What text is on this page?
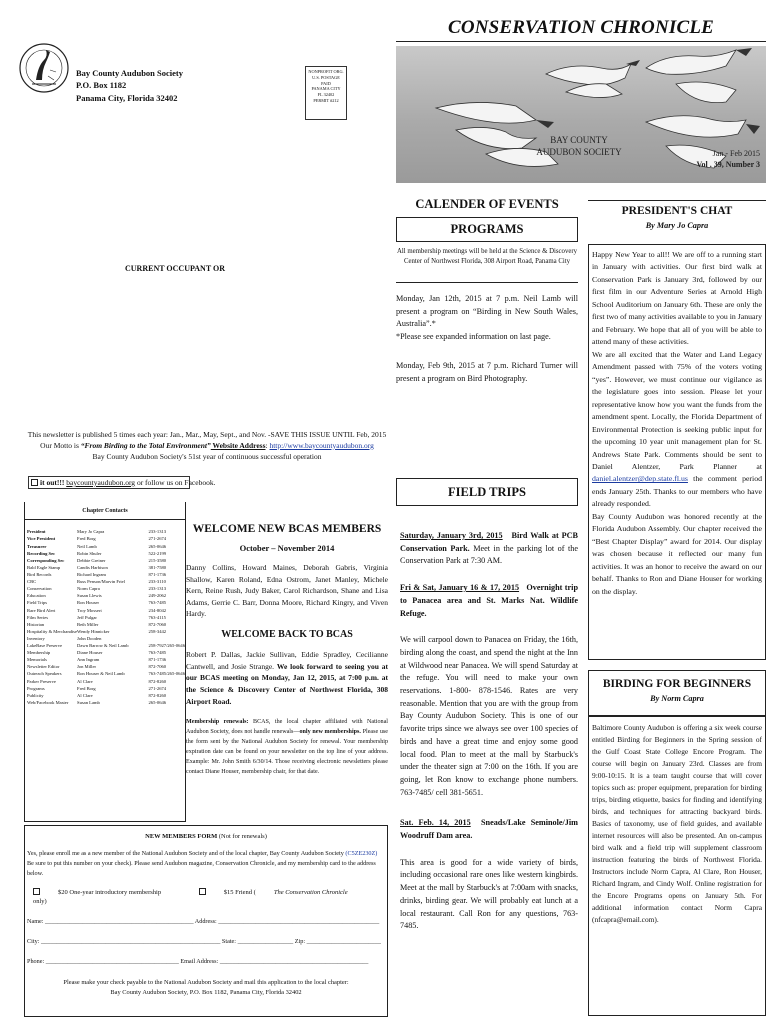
CONSERVATION CHRONICLE
BAY COUNTY
AUDUBON SOCIETY	Jan - Feb 2015
Vol . 39, Number 3
Bay County Audubon Society
P.O. Box 1182
Panama City, Florida 32402
NONPROFIT ORG.
U.S. POSTAGE
PAID
PANAMA CITY
FL 32402
PERMIT #212
CURRENT OCCUPANT OR
This newsletter is published 5 times each year: Jan., Mar., May, Sept., and Nov. -SAVE THIS ISSUE UNTIL Feb, 2015
Our Motto is “From Birding to the Total Environment” Website Address: http://www.baycountyaudubon.org
Bay County Audubon Society's 51st year of continuous successful operation
it out!!! baycountyaudubon.org or follow us on Facebook.
Chapter Contacts
President	Mary Jo Capra	233-1313
Vice President	Fred Borg	271-2674
Treasurer	Neil Lamb	265-0646
Recording Sec	Robin Shuler	522-2199
Corresponding Sec	Debbie Greiner	215-3580
Bald Eagle Stamp	Candis Harbison	381-7580
Bird Records	Richard Ingram	871-1736
CBC	Russ Penson/Marvin Friel	233-3110
Conservation	Norm Capra	233-1313
Education	Susan Llewis	249-2062
Field Trips	Ron Houser	763-7485
Rare Bird Alert	Troy Mossert	234-8042
Film Series	Jeff Pulgar	763-4115
Historian	Beth Miller	872-7060
Hospitality & Merchandise	Wendy Hinnicker	258-3442
Inventory	John Dooden	
LakeBase Preserve	Dawn Barrow & Neil Lamb	258-7927/265-0646
Membership	Diane Houser	763-7485
Memorials	Ann Ingram	871-1736
Newsletter Editor	Jon Miller	872-7060
Outreach Speakers	Ron Houser & Neil Lamb	763-7485/265-0646
Parker Preserve	Al Clare	872-8260
Programs	Fred Borg	271-2674
Publicity	Al Clare	872-8260
Web/Facebook Master	Susan Lamb	265-0646
WELCOME NEW BCAS MEMBERS
October – November 2014

Danny Collins, Howard Maines, Deborah Gabris, Virginia Shallow, Karen Roland, Edna Ostrom, Janet Manley, Michele Kern, Reine Rush, Judy Baker, Carol Richardson, Shane and Lisa Adams, Gerrie C. Barr, Donna Moore, Richard Kingry, and Viven Hardy.

WELCOME BACK TO BCAS

Robert P. Dallas, Jackie Sullivan, Eddie Spradley, Cecilianne Cantwell, and Josie Strange. We look forward to seeing you at our BCAS meeting on Monday, Jan 12, 2015, at 7:00 p.m. at the Science & Discovery Center of Northwest Florida, 308 Airport Road.

Membership renewals: BCAS, the local chapter affiliated with National Audubon Society, does not handle renewals—only new memberships. Please use the form sent by the National Audubon Society for renewal. Your membership expiration date can be found on your newsletter on the top line of your address. Example: Mr. John Smith 6/30/14. Those receiving electronic newsletters please contact Diane Houser, membership chair, for that date.

NEW MEMBERS FORM (Not for renewals)
Yes, please enroll me as a new member of the National Audubon Society and of the local chapter, Bay County Audubon Society (C5ZE230Z) Be sure to put this number on your check). Please send Audubon magazine, Conservation Chronicle, and my membership card to the address below.
$20 One-year introductory membership	$15 Friend (	The Conservation Chronicle only)
Name: ________________________________________________ Address: ____________________________________________________
City: __________________________________________________________ State: __________________ Zip: ________________________
Phone: ___________________________________________ Email Address: ________________________________________________
Please make your check payable to the National Audubon Society and mail this application to the local chapter:
Bay County Audubon Society, P.O. Box 1182, Panama City, Florida 32402
CALENDER OF EVENTS
PROGRAMS
All membership meetings will be held at the Science & Discovery Center of Northwest Florida, 308 Airport Road, Panama City

Monday, Jan 12th, 2015 at 7 p.m. Neil Lamb will present a program on “Birding in New South Wales, Australia”.*

*Please see expanded information on last page.

Monday, Feb 9th, 2015 at 7 p.m. Richard Turner will present a program on Bird Photography.

FIELD TRIPS

Saturday, January 3rd, 2015 Bird Walk at PCB Conservation Park. Meet in the parking lot of the Conservation Park at 7:30 AM.

Fri & Sat, January 16 & 17, 2015 Overnight trip to Panacea area and St. Marks Nat. Wildlife Refuge.

We will carpool down to Panacea on Friday, the 16th, birding along the coast, and spend the night at the Inn at Wildwood near Panacea. We will spend Saturday at the refuge. You will need to make your own reservations. 1-800- 878-1546. Rates are very reasonable. Mention that you are with the group from Bay County Audubon Society. This is one of our favorite trips since we always see over 100 species of birds and have a great time and enjoy some good local food. Plan to meet at the mall by Starbuck's under the theater sign at 7:00 on the 16th. If you are going, let Ron know to exchange phone numbers. 763-7485/ cell 381-5651.

Sat. Feb. 14, 2015 Sneads/Lake Seminole/Jim Woodruff Dam area.

This area is good for a wide variety of birds, including occasional rare ones like western kingbirds. Meet at the mall by Starbuck's at 7:00am with snacks, drinks, birding gear. We will probably eat lunch at a local restaurant. Call Ron for any questions, 763-7485.

PRESIDENT'S CHAT
By Mary Jo Capra

Happy New Year to all!! We are off to a running start in January with activities. Our first bird walk at Conservation Park is January 3rd, followed by our first film in our Adventure Series at Arnold High School Auditorium on January 6th. These are only the first two of many activities available to you in January and February. We hope that all of you will be able to attend many of these activities.

We are all excited that the Water and Land Legacy Amendment passed with 75% of the voters voting “yes”. However, we must continue our vigilance as the legislature goes into session. Please let your representative know how you want the funds from the amendment spent. Locally, the Florida Department of Environmental Protection is seeking public input for the upcoming 10 year unit management plan for St. Andrews State Park. Comments should be sent to Daniel Alentzer, Park Planner at daniel.alentzer@dep.state.fl.us the comment period ends January 25th. Thanks to our members who have already responded.

Bay County Audubon was honored recently at the Florida Audubon Assembly. Our chapter received the “Best Chapter Display” award for 2014. Our display was chosen because it reflected our many fun activities. It was an honor to receive the award on our behalf. Thanks to Ron and Diane Houser for working on the display.

BIRDING FOR BEGINNERS
By Norm Capra

Baltimore County Audubon is offering a six week course entitled Birding for Beginners in the Spring session of the Gulf Coast State College Encore Program. The course will begin on January 23rd. Classes are from 9:00-10:15. It is a team taught course that will cover topics such as: proper equipment, preparation for birding trips, birding etiquette, basics for finding and identifying birds, and techniques for attracting backyard birds. Basics of taxonomy, use of field guides, and available internet resources will also be presented. An on-campus bird walk and a field trip will supplement classroom instruction featuring the birds of Northwest Florida. Instructors include Norm Capra, Al Clare, Ron Houser, Richard Ingram, and Cindy Wolf. Online registration for the Encore Programs opens on January 5th. For additional information contact Norm Capra (nfcapra@email.com).
